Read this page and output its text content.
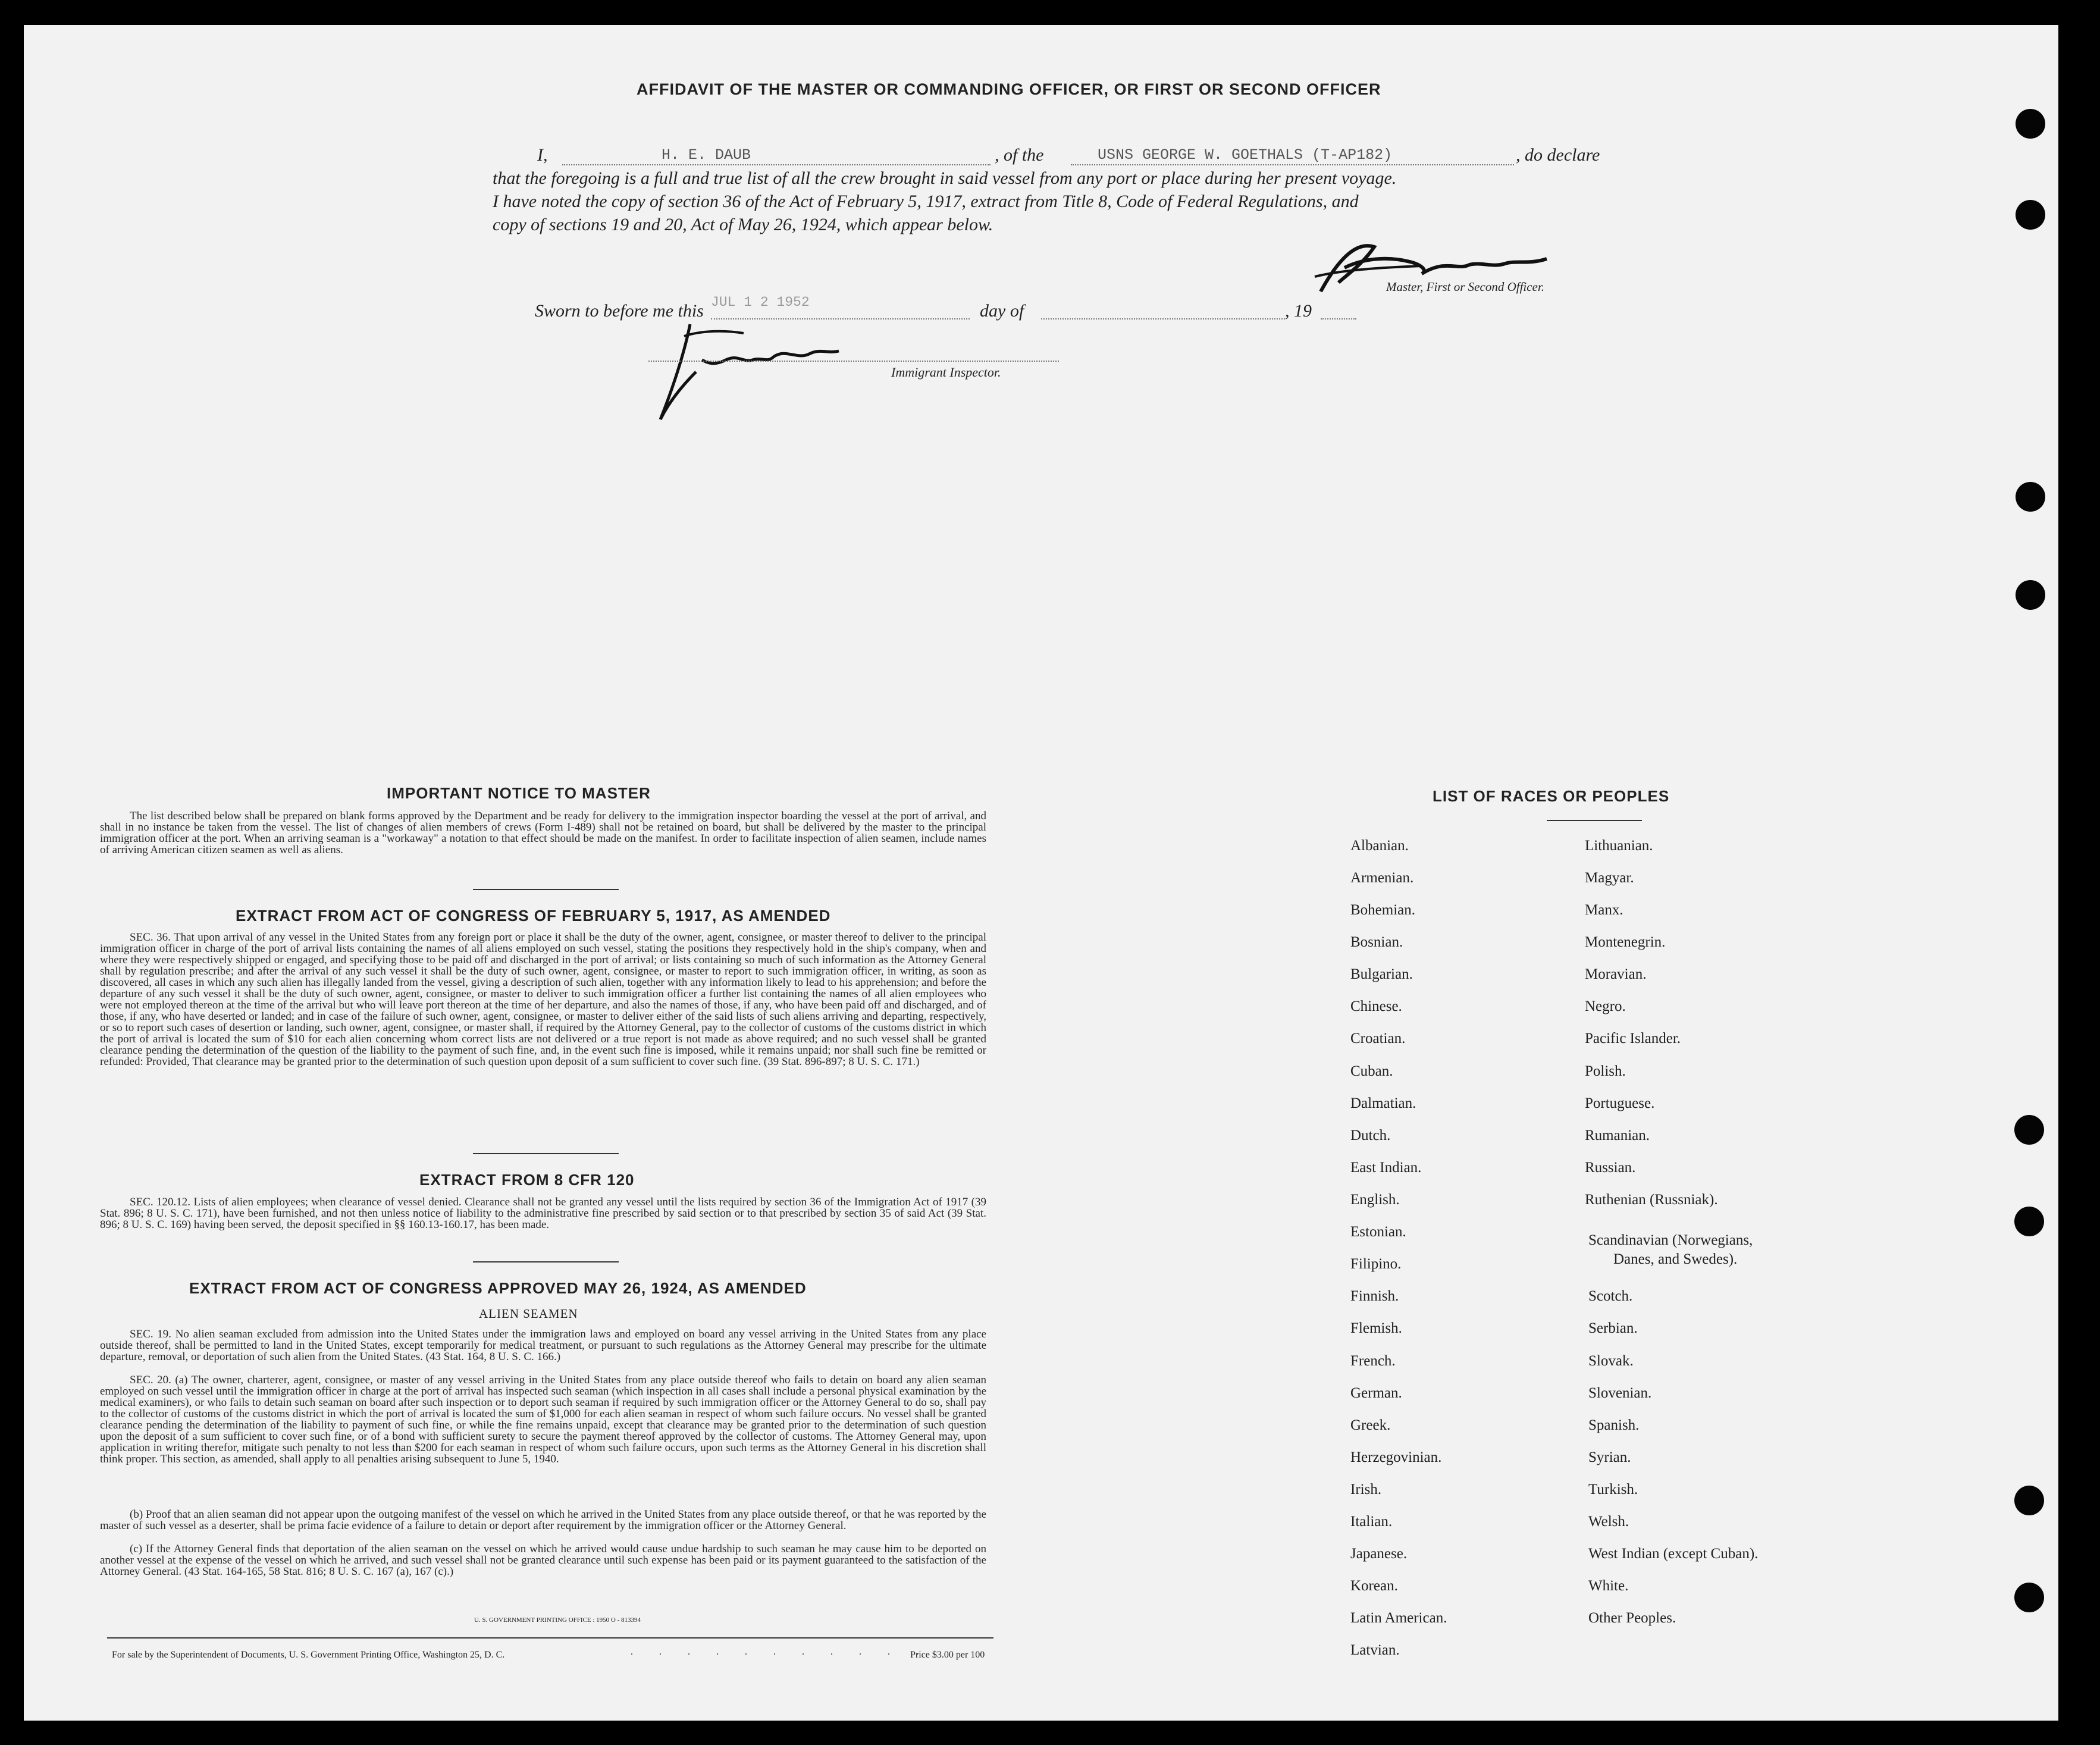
AFFIDAVIT OF THE MASTER OR COMMANDING OFFICER, OR FIRST OR SECOND OFFICER
I,	H. E. DAUB	, of the	USNS GEORGE W. GOETHALS (T-AP182)	, do declare
that the foregoing is a full and true list of all the crew brought in said vessel from any port or place during her present voyage.
I have noted the copy of section 36 of the Act of February 5, 1917, extract from Title 8, Code of Federal Regulations, and
copy of sections 19 and 20, Act of May 26, 1924, which appear below.
Master, First or Second Officer.
Sworn to before me this JUL 1 2 1952	day of	, 19
Immigrant Inspector.
IMPORTANT NOTICE TO MASTER
The list described below shall be prepared on blank forms approved by the Department and be ready for delivery to the immigration inspector boarding the vessel at the port of arrival, and shall in no instance be taken from the vessel. The list of changes of alien members of crews (Form I-489) shall not be retained on board, but shall be delivered by the master to the principal immigration officer at the port. When an arriving seaman is a "workaway" a notation to that effect should be made on the manifest. In order to facilitate inspection of alien seamen, include names of arriving American citizen seamen as well as aliens.
EXTRACT FROM ACT OF CONGRESS OF FEBRUARY 5, 1917, AS AMENDED
SEC. 36. That upon arrival of any vessel in the United States from any foreign port or place it shall be the duty of the owner, agent, consignee, or master thereof to deliver to the principal immigration officer in charge of the port of arrival lists containing the names of all aliens employed on such vessel, stating the positions they respectively hold in the ship's company, when and where they were respectively shipped or engaged, and specifying those to be paid off and discharged in the port of arrival; or lists containing so much of such information as the Attorney General shall by regulation prescribe; and after the arrival of any such vessel it shall be the duty of such owner, agent, consignee, or master to report to such immigration officer, in writing, as soon as discovered, all cases in which any such alien has illegally landed from the vessel, giving a description of such alien, together with any information likely to lead to his apprehension; and before the departure of any such vessel it shall be the duty of such owner, agent, consignee, or master to deliver to such immigration officer a further list containing the names of all alien employees who were not employed thereon at the time of the arrival but who will leave port thereon at the time of her departure, and also the names of those, if any, who have been paid off and discharged, and of those, if any, who have deserted or landed; and in case of the failure of such owner, agent, consignee, or master to deliver either of the said lists of such aliens arriving and departing, respectively, or so to report such cases of desertion or landing, such owner, agent, consignee, or master shall, if required by the Attorney General, pay to the collector of customs of the customs district in which the port of arrival is located the sum of $10 for each alien concerning whom correct lists are not delivered or a true report is not made as above required; and no such vessel shall be granted clearance pending the determination of the question of the liability to the payment of such fine, and, in the event such fine is imposed, while it remains unpaid; nor shall such fine be remitted or refunded: Provided, That clearance may be granted prior to the determination of such question upon deposit of a sum sufficient to cover such fine. (39 Stat. 896-897; 8 U. S. C. 171.)
EXTRACT FROM 8 CFR 120
SEC. 120.12. Lists of alien employees; when clearance of vessel denied. Clearance shall not be granted any vessel until the lists required by section 36 of the Immigration Act of 1917 (39 Stat. 896; 8 U. S. C. 171), have been furnished, and not then unless notice of liability to the administrative fine prescribed by said section or to that prescribed by section 35 of said Act (39 Stat. 896; 8 U. S. C. 169) having been served, the deposit specified in §§ 160.13-160.17, has been made.
EXTRACT FROM ACT OF CONGRESS APPROVED MAY 26, 1924, AS AMENDED
ALIEN SEAMEN
SEC. 19. No alien seaman excluded from admission into the United States under the immigration laws and employed on board any vessel arriving in the United States from any place outside thereof, shall be permitted to land in the United States, except temporarily for medical treatment, or pursuant to such regulations as the Attorney General may prescribe for the ultimate departure, removal, or deportation of such alien from the United States. (43 Stat. 164, 8 U. S. C. 166.)
SEC. 20. (a) The owner, charterer, agent, consignee, or master of any vessel arriving in the United States from any place outside thereof who fails to detain on board any alien seaman employed on such vessel until the immigration officer in charge at the port of arrival has inspected such seaman (which inspection in all cases shall include a personal physical examination by the medical examiners), or who fails to detain such seaman on board after such inspection or to deport such seaman if required by such immigration officer or the Attorney General to do so, shall pay to the collector of customs of the customs district in which the port of arrival is located the sum of $1,000 for each alien seaman in respect of whom such failure occurs. No vessel shall be granted clearance pending the determination of the liability to payment of such fine, or while the fine remains unpaid, except that clearance may be granted prior to the determination of such question upon the deposit of a sum sufficient to cover such fine, or of a bond with sufficient surety to secure the payment thereof approved by the collector of customs. The Attorney General may, upon application in writing therefor, mitigate such penalty to not less than $200 for each seaman in respect of whom such failure occurs, upon such terms as the Attorney General in his discretion shall think proper. This section, as amended, shall apply to all penalties arising subsequent to June 5, 1940.
(b) Proof that an alien seaman did not appear upon the outgoing manifest of the vessel on which he arrived in the United States from any place outside thereof, or that he was reported by the master of such vessel as a deserter, shall be prima facie evidence of a failure to detain or deport after requirement by the immigration officer or the Attorney General.
(c) If the Attorney General finds that deportation of the alien seaman on the vessel on which he arrived would cause undue hardship to such seaman he may cause him to be deported on another vessel at the expense of the vessel on which he arrived, and such vessel shall not be granted clearance until such expense has been paid or its payment guaranteed to the satisfaction of the Attorney General. (43 Stat. 164-165, 58 Stat. 816; 8 U. S. C. 167 (a), 167 (c).)
U. S. GOVERNMENT PRINTING OFFICE : 1950 O - 813394
For sale by the Superintendent of Documents, U. S. Government Printing Office, Washington 25, D. C.	. . . . . . . . . . .
Price $3.00 per 100
LIST OF RACES OR PEOPLES
Albanian.
Armenian.
Bohemian.
Bosnian.
Bulgarian.
Chinese.
Croatian.
Cuban.
Dalmatian.
Dutch.
East Indian.
English.
Estonian.
Filipino.
Finnish.
Flemish.
French.
German.
Greek.
Herzegovinian.
Irish.
Italian.
Japanese.
Korean.
Latin American.
Latvian.
Lithuanian.
Magyar.
Manx.
Montenegrin.
Moravian.
Negro.
Pacific Islander.
Polish.
Portuguese.
Rumanian.
Russian.
Ruthenian (Russniak).
Scandinavian (Norwegians,
Danes, and Swedes).
Scotch.
Serbian.
Slovak.
Slovenian.
Spanish.
Syrian.
Turkish.
Welsh.
West Indian (except Cuban).
White.
Other Peoples.
